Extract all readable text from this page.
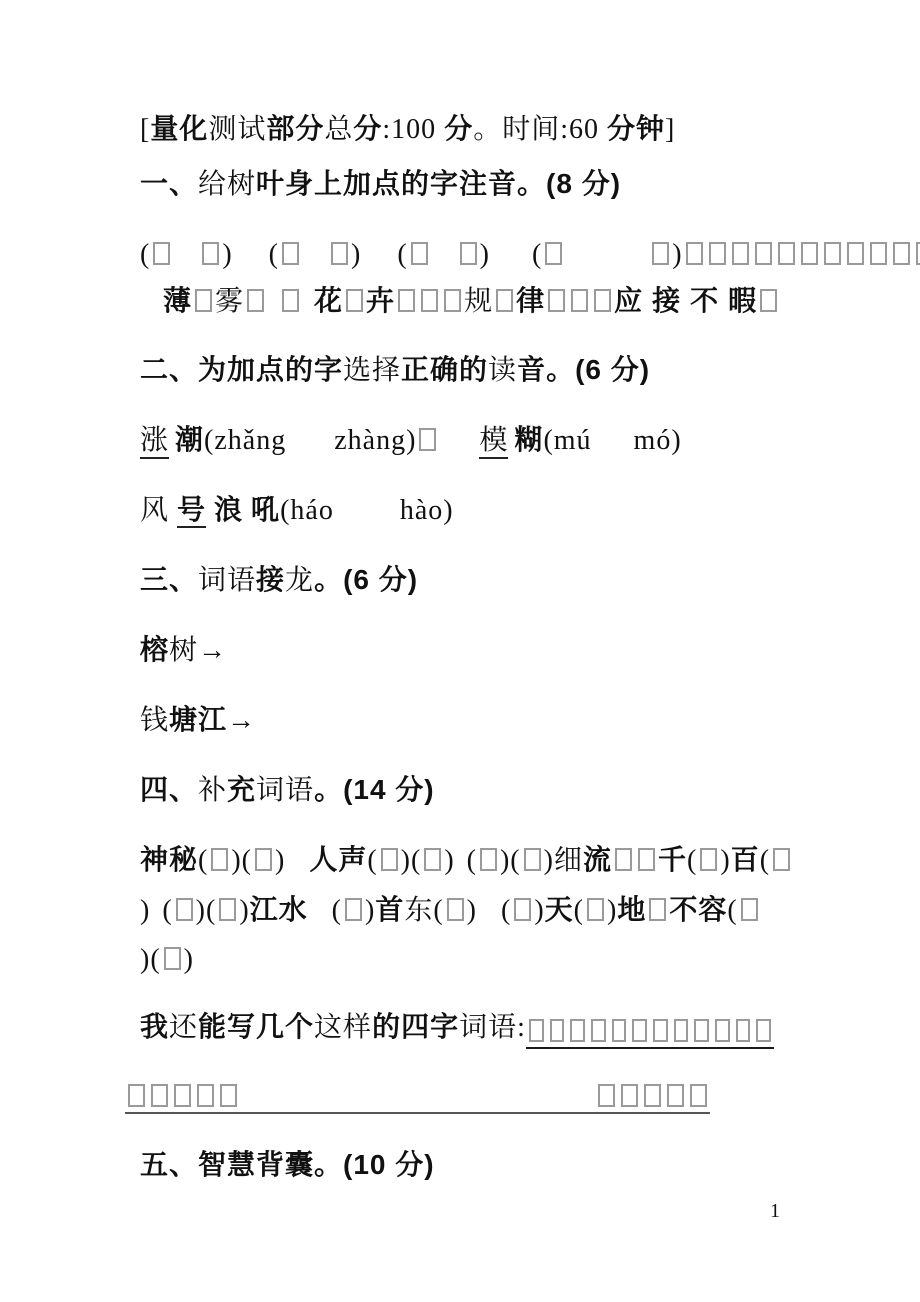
[量化测试部分总分:100 分。时间:60 分钟]
一、给树叶身上加点的字注音。(8 分)
(	) (	) (	) (	)
薄 雾	花 卉 规 律 应 接 不 暇
二、为加点的字选择正确的读音。(6 分)
涨 潮(zhǎng zhàng) 模 糊(mú mó)
风 号 浪 吼(háo hào)
三、词语接龙。(6 分)
榕树→
钱塘江→
四、补充词语。(14 分)
神秘( )( ) 人声( )( ) ( )( )细流 千( )百(
) ( )( )江水 ( )首东( ) ( )天( )地 不容(
)( )
我还能写几个这样的四字词语:
五、智慧背囊。(10 分)
1
